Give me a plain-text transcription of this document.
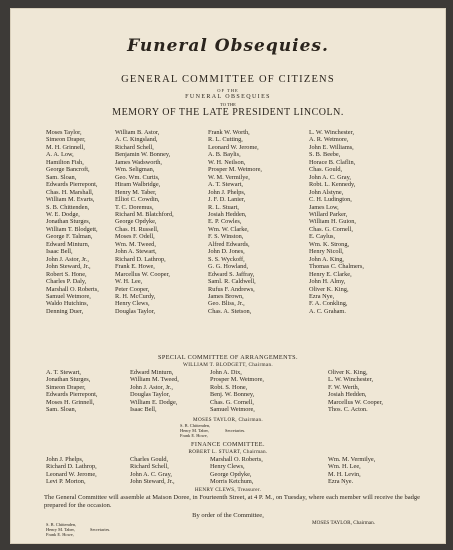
Funeral Obsequies.
GENERAL COMMITTEE OF CITIZENS
OF THE
FUNERAL OBSEQUIES
TO THE
MEMORY OF THE LATE PRESIDENT LINCOLN.
Moses Taylor,
Simeon Draper,
M. H. Grinnell,
A. A. Low,
Hamilton Fish,
George Bancroft,
Sam. Sloan,
Edwards Pierrepont,
Chas. H. Marshall,
William M. Evarts,
S. B. Chittenden,
W. E. Dodge,
Jonathan Sturges,
William T. Blodgett,
George F. Talman,
Edward Minturn,
Isaac Bell,
John J. Astor, Jr.,
John Steward, Jr.,
Robert S. Hone,
Charles P. Daly,
Marshall O. Roberts,
Samuel Wetmore,
Waldo Hutchins,
Denning Duer,
William B. Astor,
A. C. Kingsland,
Richard Schell,
Benjamin W. Bonney,
James Wadsworth,
Wm. Seligman,
Geo. Wm. Curtis,
Hiram Walbridge,
Henry M. Taber,
Elliot C. Cowdin,
T. C. Doremus,
Richard M. Blatchford,
George Opdyke,
Chas. H. Russell,
Moses F. Odell,
Wm. M. Tweed,
John A. Stewart,
Richard D. Lathrop,
Frank E. Howe,
Marcellus W. Cooper,
W. H. Lee,
Peter Cooper,
R. H. McCurdy,
Henry Clews,
Douglas Taylor,
Frank W. Worth,
R. L. Cutting,
Leonard W. Jerome,
A. B. Baylis,
W. H. Neilson,
Prosper M. Wetmore,
W. M. Vermilye,
A. T. Stewart,
John J. Phelps,
J. F. D. Lanier,
R. L. Stuart,
Josiah Hedden,
E. P. Cowles,
Wm. W. Clarke,
F. S. Winston,
Alfred Edwards,
John D. Jones,
S. S. Wyckoff,
G. G. Howland,
Edward S. Jaffray,
Saml. R. Caldwell,
Rufus F. Andrews,
James Brown,
Geo. Bliss, Jr.,
Chas. A. Stetson,
L. W. Winchester,
A. R. Wetmore,
John E. Williams,
S. B. Beebe,
Horace B. Claflin,
Chas. Gould,
John A. C. Gray,
Robt. L. Kennedy,
John Alstyne,
C. H. Ludington,
James Low,
Willard Parker,
William H. Guion,
Chas. G. Cornell,
E. Caylus,
Wm. K. Strong,
Henry Nicoll,
John A. King,
Thomas C. Chalmers,
Henry E. Clarke,
John H. Almy,
Oliver K. King,
Ezra Nye,
F. A. Conkling,
A. C. Graham.
SPECIAL COMMITTEE OF ARRANGEMENTS.
WILLIAM T. BLODGETT, Chairman.
A. T. Stewart,
Jonathan Sturges,
Simeon Draper,
Edwards Pierrepont,
Moses H. Grinnell,
Sam. Sloan,
Edward Minturn,
William M. Tweed,
John J. Astor, Jr.,
Douglas Taylor,
William E. Dodge,
Isaac Bell,
John A. Dix,
Prosper M. Wetmore,
Robt. S. Hone,
Benj. W. Bonney,
Chas. G. Cornell,
Samuel Wetmore,
Oliver K. King,
L. W. Winchester,
F. W. Werth,
Josiah Hedden,
Marcellus W. Cooper,
Thos. C. Acton.
MOSES TAYLOR, Chairman.
S. B. Chittenden,
Henry M. Taber,
Frank E. Howe,
Secretaries.
FINANCE COMMITTEE.
ROBERT L. STUART, Chairman.
John J. Phelps,
Richard D. Lathrop,
Leonard W. Jerome,
Levi P. Morton,
Charles Gould,
Richard Schell,
John A. C. Gray,
John Steward, Jr.,
Marshall O. Roberts,
Henry Clews,
George Opdyke,
Morris Ketchum,
Wm. M. Vermilye,
Wm. H. Lee,
M. H. Levin,
Ezra Nye.
HENRY CLEWS, Treasurer.
The General Committee will assemble at Maison Doree, in Fourteenth Street, at 4 P. M., on Tuesday, where each member will receive the badge prepared for the occasion.
By order of the Committee,
MOSES TAYLOR, Chairman.
S. B. Chittenden,
Henry M. Taber,
Frank E. Howe,
Secretaries.
